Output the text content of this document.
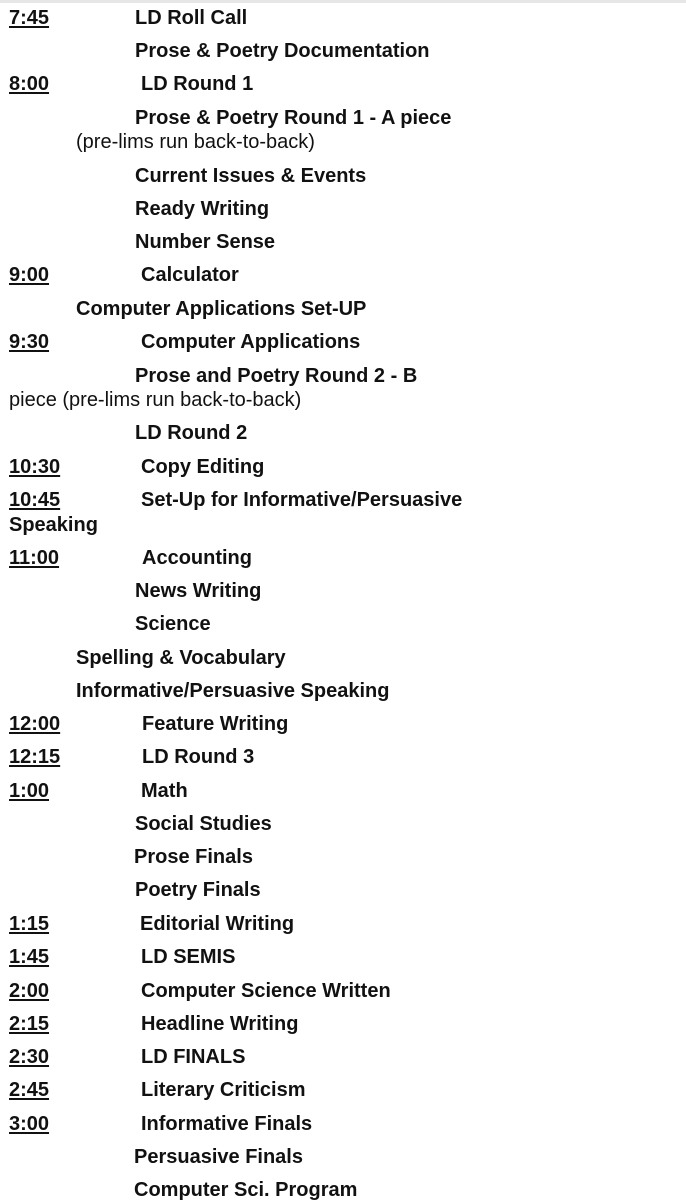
7:45	LD Roll Call
Prose & Poetry Documentation
8:00	LD Round 1
Prose & Poetry Round 1 - A piece
(pre-lims run back-to-back)
Current Issues & Events
Ready Writing
Number Sense
9:00	Calculator
Computer Applications Set-UP
9:30	Computer Applications
Prose and Poetry Round 2 - B
piece (pre-lims run back-to-back)
LD Round 2
10:30	Copy Editing
10:45	Set-Up for Informative/Persuasive
Speaking
11:00	Accounting
News Writing
Science
Spelling & Vocabulary
Informative/Persuasive Speaking
12:00	Feature Writing
12:15	LD Round 3
1:00	Math
Social Studies
Prose Finals
Poetry Finals
1:15	Editorial Writing
1:45	LD SEMIS
2:00	Computer Science Written
2:15	Headline Writing
2:30	LD FINALS
2:45	Literary Criticism
3:00	Informative Finals
Persuasive Finals
Computer Sci. Program
